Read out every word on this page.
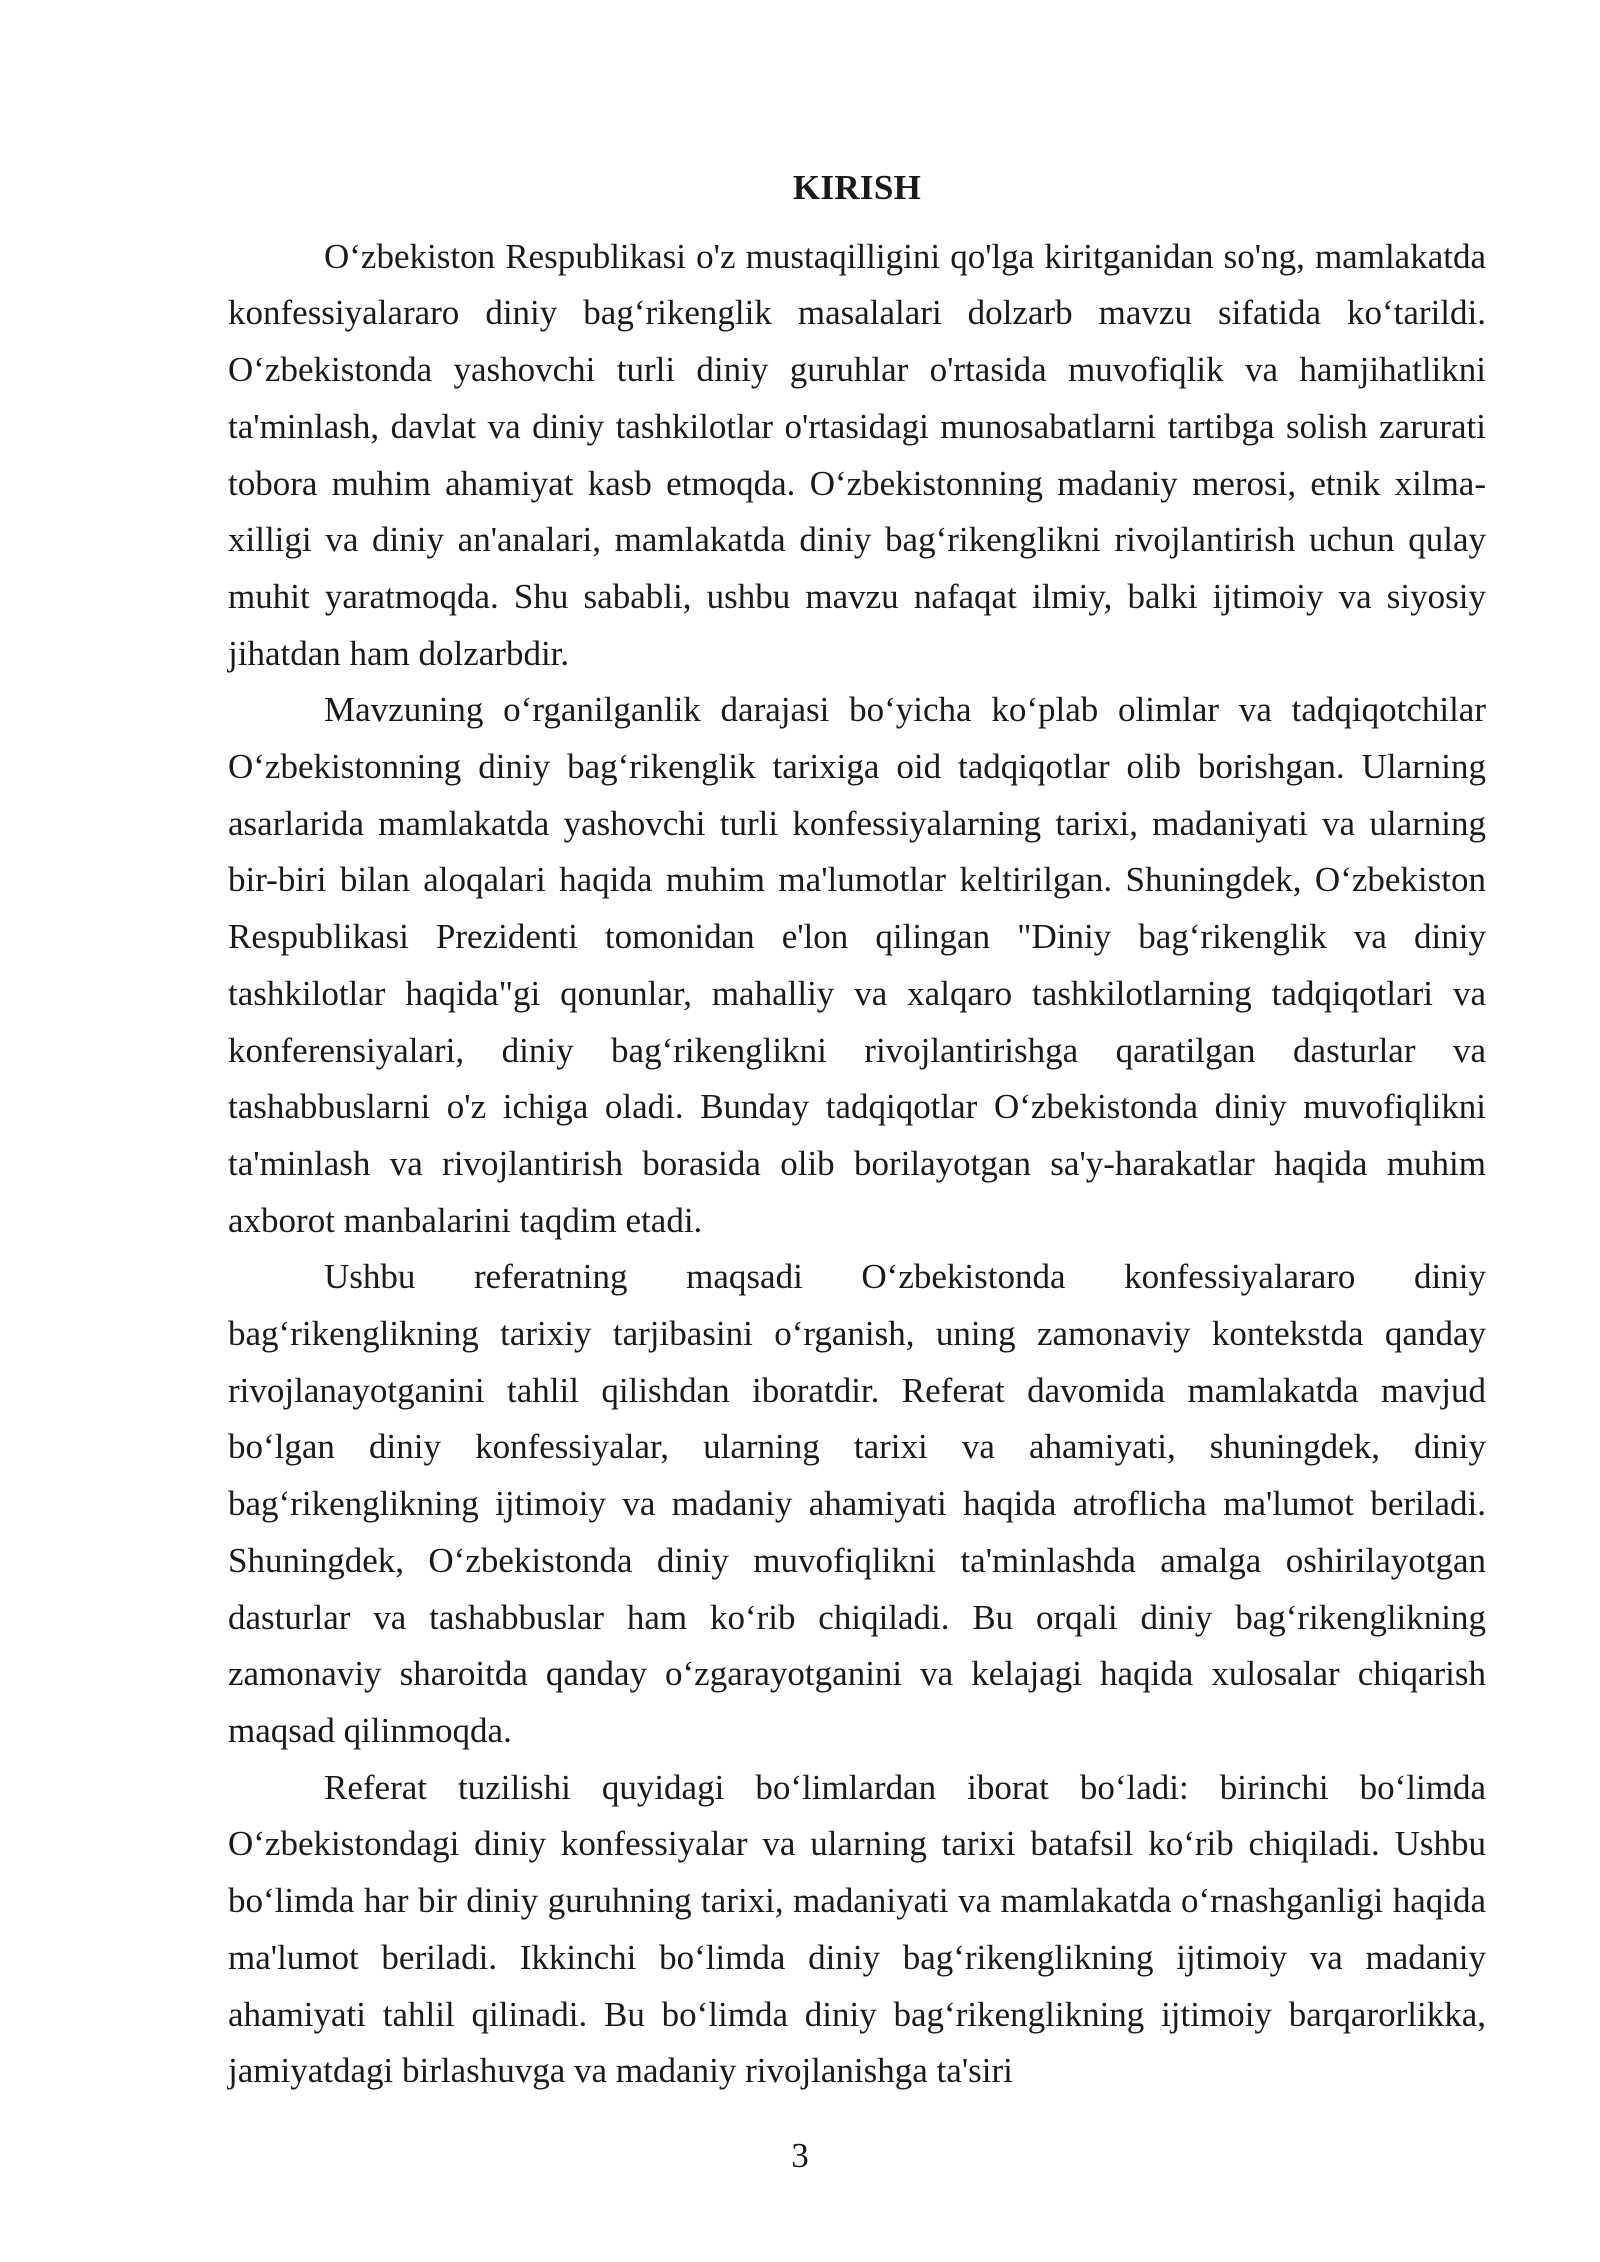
KIRISH

O‘zbekiston Respublikasi o'z mustaqilligini qo'lga kiritganidan so'ng, mamlakatda konfessiyalararo diniy bag‘rikenglik masalalari dolzarb mavzu sifatida ko‘tarildi. O‘zbekistonda yashovchi turli diniy guruhlar o'rtasida muvofiqlik va hamjihatlikni ta'minlash, davlat va diniy tashkilotlar o'rtasidagi munosabatlarni tartibga solish zarurati tobora muhim ahamiyat kasb etmoqda. O‘zbekistonning madaniy merosi, etnik xilma-xilligi va diniy an'analari, mamlakatda diniy bag‘rikenglikni rivojlantirish uchun qulay muhit yaratmoqda. Shu sababli, ushbu mavzu nafaqat ilmiy, balki ijtimoiy va siyosiy jihatdan ham dolzarbdir.

Mavzuning o‘rganilganlik darajasi bo‘yicha ko‘plab olimlar va tadqiqotchilar O‘zbekistonning diniy bag‘rikenglik tarixiga oid tadqiqotlar olib borishgan. Ularning asarlarida mamlakatda yashovchi turli konfessiyalarning tarixi, madaniyati va ularning bir-biri bilan aloqalari haqida muhim ma'lumotlar keltirilgan. Shuningdek, O‘zbekiston Respublikasi Prezidenti tomonidan e'lon qilingan "Diniy bag‘rikenglik va diniy tashkilotlar haqida"gi qonunlar, mahalliy va xalqaro tashkilotlarning tadqiqotlari va konferensiyalari, diniy bag‘rikenglikni rivojlantirishga qaratilgan dasturlar va tashabbuslarni o'z ichiga oladi. Bunday tadqiqotlar O‘zbekistonda diniy muvofiqlikni ta'minlash va rivojlantirish borasida olib borilayotgan sa'y-harakatlar haqida muhim axborot manbalarini taqdim etadi.

Ushbu referatning maqsadi O‘zbekistonda konfessiyalararo diniy bag‘rikenglikning tarixiy tarjibasini o‘rganish, uning zamonaviy kontekstda qanday rivojlanayotganini tahlil qilishdan iboratdir. Referat davomida mamlakatda mavjud bo‘lgan diniy konfessiyalar, ularning tarixi va ahamiyati, shuningdek, diniy bag‘rikenglikning ijtimoiy va madaniy ahamiyati haqida atroflicha ma'lumot beriladi. Shuningdek, O‘zbekistonda diniy muvofiqlikni ta'minlashda amalga oshirilayotgan dasturlar va tashabbuslar ham ko‘rib chiqiladi. Bu orqali diniy bag‘rikenglikning zamonaviy sharoitda qanday o‘zgarayotganini va kelajagi haqida xulosalar chiqarish maqsad qilinmoqda.

Referat tuzilishi quyidagi bo‘limlardan iborat bo‘ladi: birinchi bo‘limda O‘zbekistondagi diniy konfessiyalar va ularning tarixi batafsil ko‘rib chiqiladi. Ushbu bo‘limda har bir diniy guruhning tarixi, madaniyati va mamlakatda o‘rnashganligi haqida ma'lumot beriladi. Ikkinchi bo‘limda diniy bag‘rikenglikning ijtimoiy va madaniy ahamiyati tahlil qilinadi. Bu bo‘limda diniy bag‘rikenglikning ijtimoiy barqarorlikka, jamiyatdagi birlashuvga va madaniy rivojlanishga ta'siri

3
